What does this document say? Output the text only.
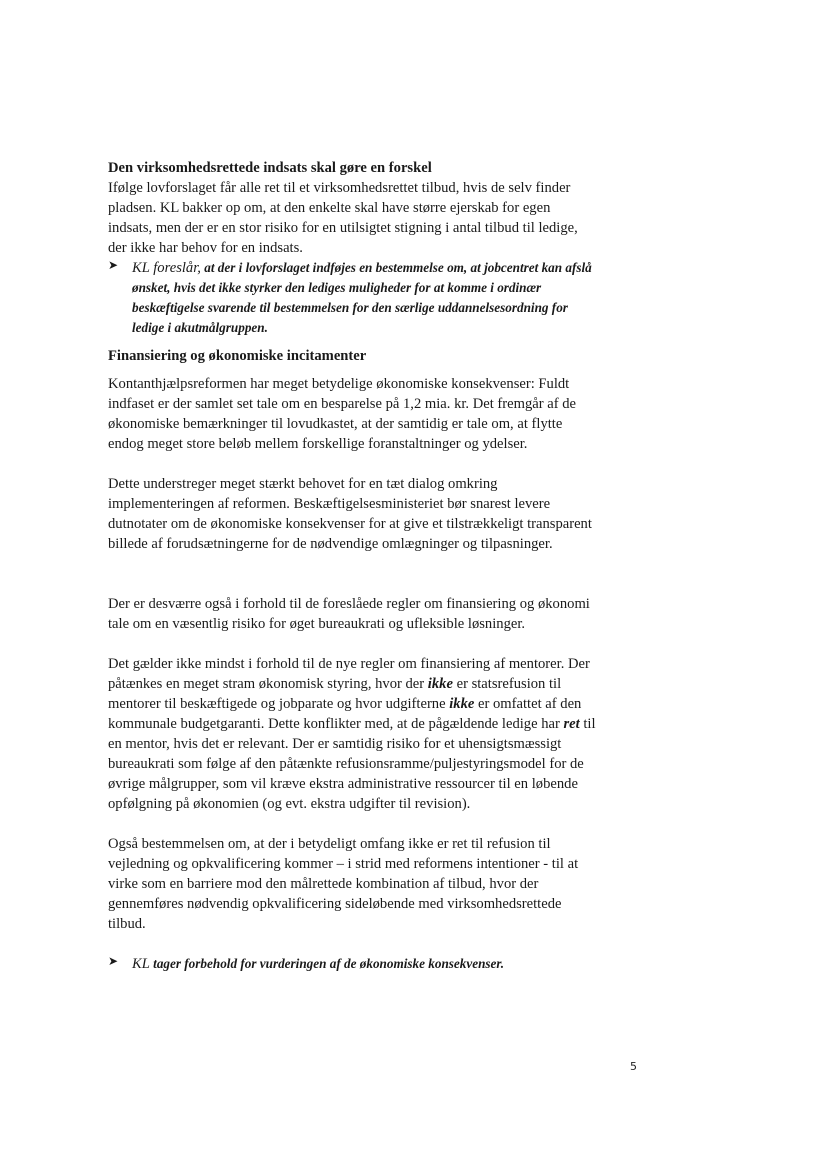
Den virksomhedsrettede indsats skal gøre en forskel

Ifølge lovforslaget får alle ret til et virksomhedsrettet tilbud, hvis de selv finder pladsen. KL bakker op om, at den enkelte skal have større ejerskab for egen indsats, men der er en stor risiko for en utilsigtet stigning i antal tilbud til ledige, der ikke har behov for en indsats.

➤ KL foreslår, at der i lovforslaget indføjes en bestemmelse om, at jobcentret kan afslå ønsket, hvis det ikke styrker den lediges muligheder for at komme i ordinær beskæftigelse svarende til bestemmelsen for den særlige uddannelsesordning for ledige i akutmålgruppen.

Finansiering og økonomiske incitamenter

Kontanthjælpsreformen har meget betydelige økonomiske konsekvenser: Fuldt indfaset er der samlet set tale om en besparelse på 1,2 mia. kr. Det fremgår af de økonomiske bemærkninger til lovudkastet, at der samtidig er tale om, at flytte endog meget store beløb mellem forskellige foranstaltninger og ydelser.

Dette understreger meget stærkt behovet for en tæt dialog omkring implementeringen af reformen. Beskæftigelsesministeriet bør snarest levere dutnotater om de økonomiske konsekvenser for at give et tilstrækkeligt transparent billede af forudsætningerne for de nødvendige omlægninger og tilpasninger.

Der er desværre også i forhold til de foreslåede regler om finansiering og økonomi tale om en væsentlig risiko for øget bureaukrati og ufleksible løsninger.

Det gælder ikke mindst i forhold til de nye regler om finansiering af mentorer. Der påtænkes en meget stram økonomisk styring, hvor der ikke er statsrefusion til mentorer til beskæftigede og jobparate og hvor udgifterne ikke er omfattet af den kommunale budgetgaranti. Dette konflikter med, at de pågældende ledige har ret til en mentor, hvis det er relevant. Der er samtidig risiko for et uhensigtsmæssigt bureaukrati som følge af den påtænkte refusionsramme/puljestyringsmodel for de øvrige målgrupper, som vil kræve ekstra administrative ressourcer til en løbende opfølgning på økonomien (og evt. ekstra udgifter til revision).

Også bestemmelsen om, at der i betydeligt omfang ikke er ret til refusion til vejledning og opkvalificering kommer – i strid med reformens intentioner - til at virke som en barriere mod den målrettede kombination af tilbud, hvor der gennemføres nødvendig opkvalificering sideløbende med virksomhedsrettede tilbud.

➤ KL tager forbehold for vurderingen af de økonomiske konsekvenser.
5
